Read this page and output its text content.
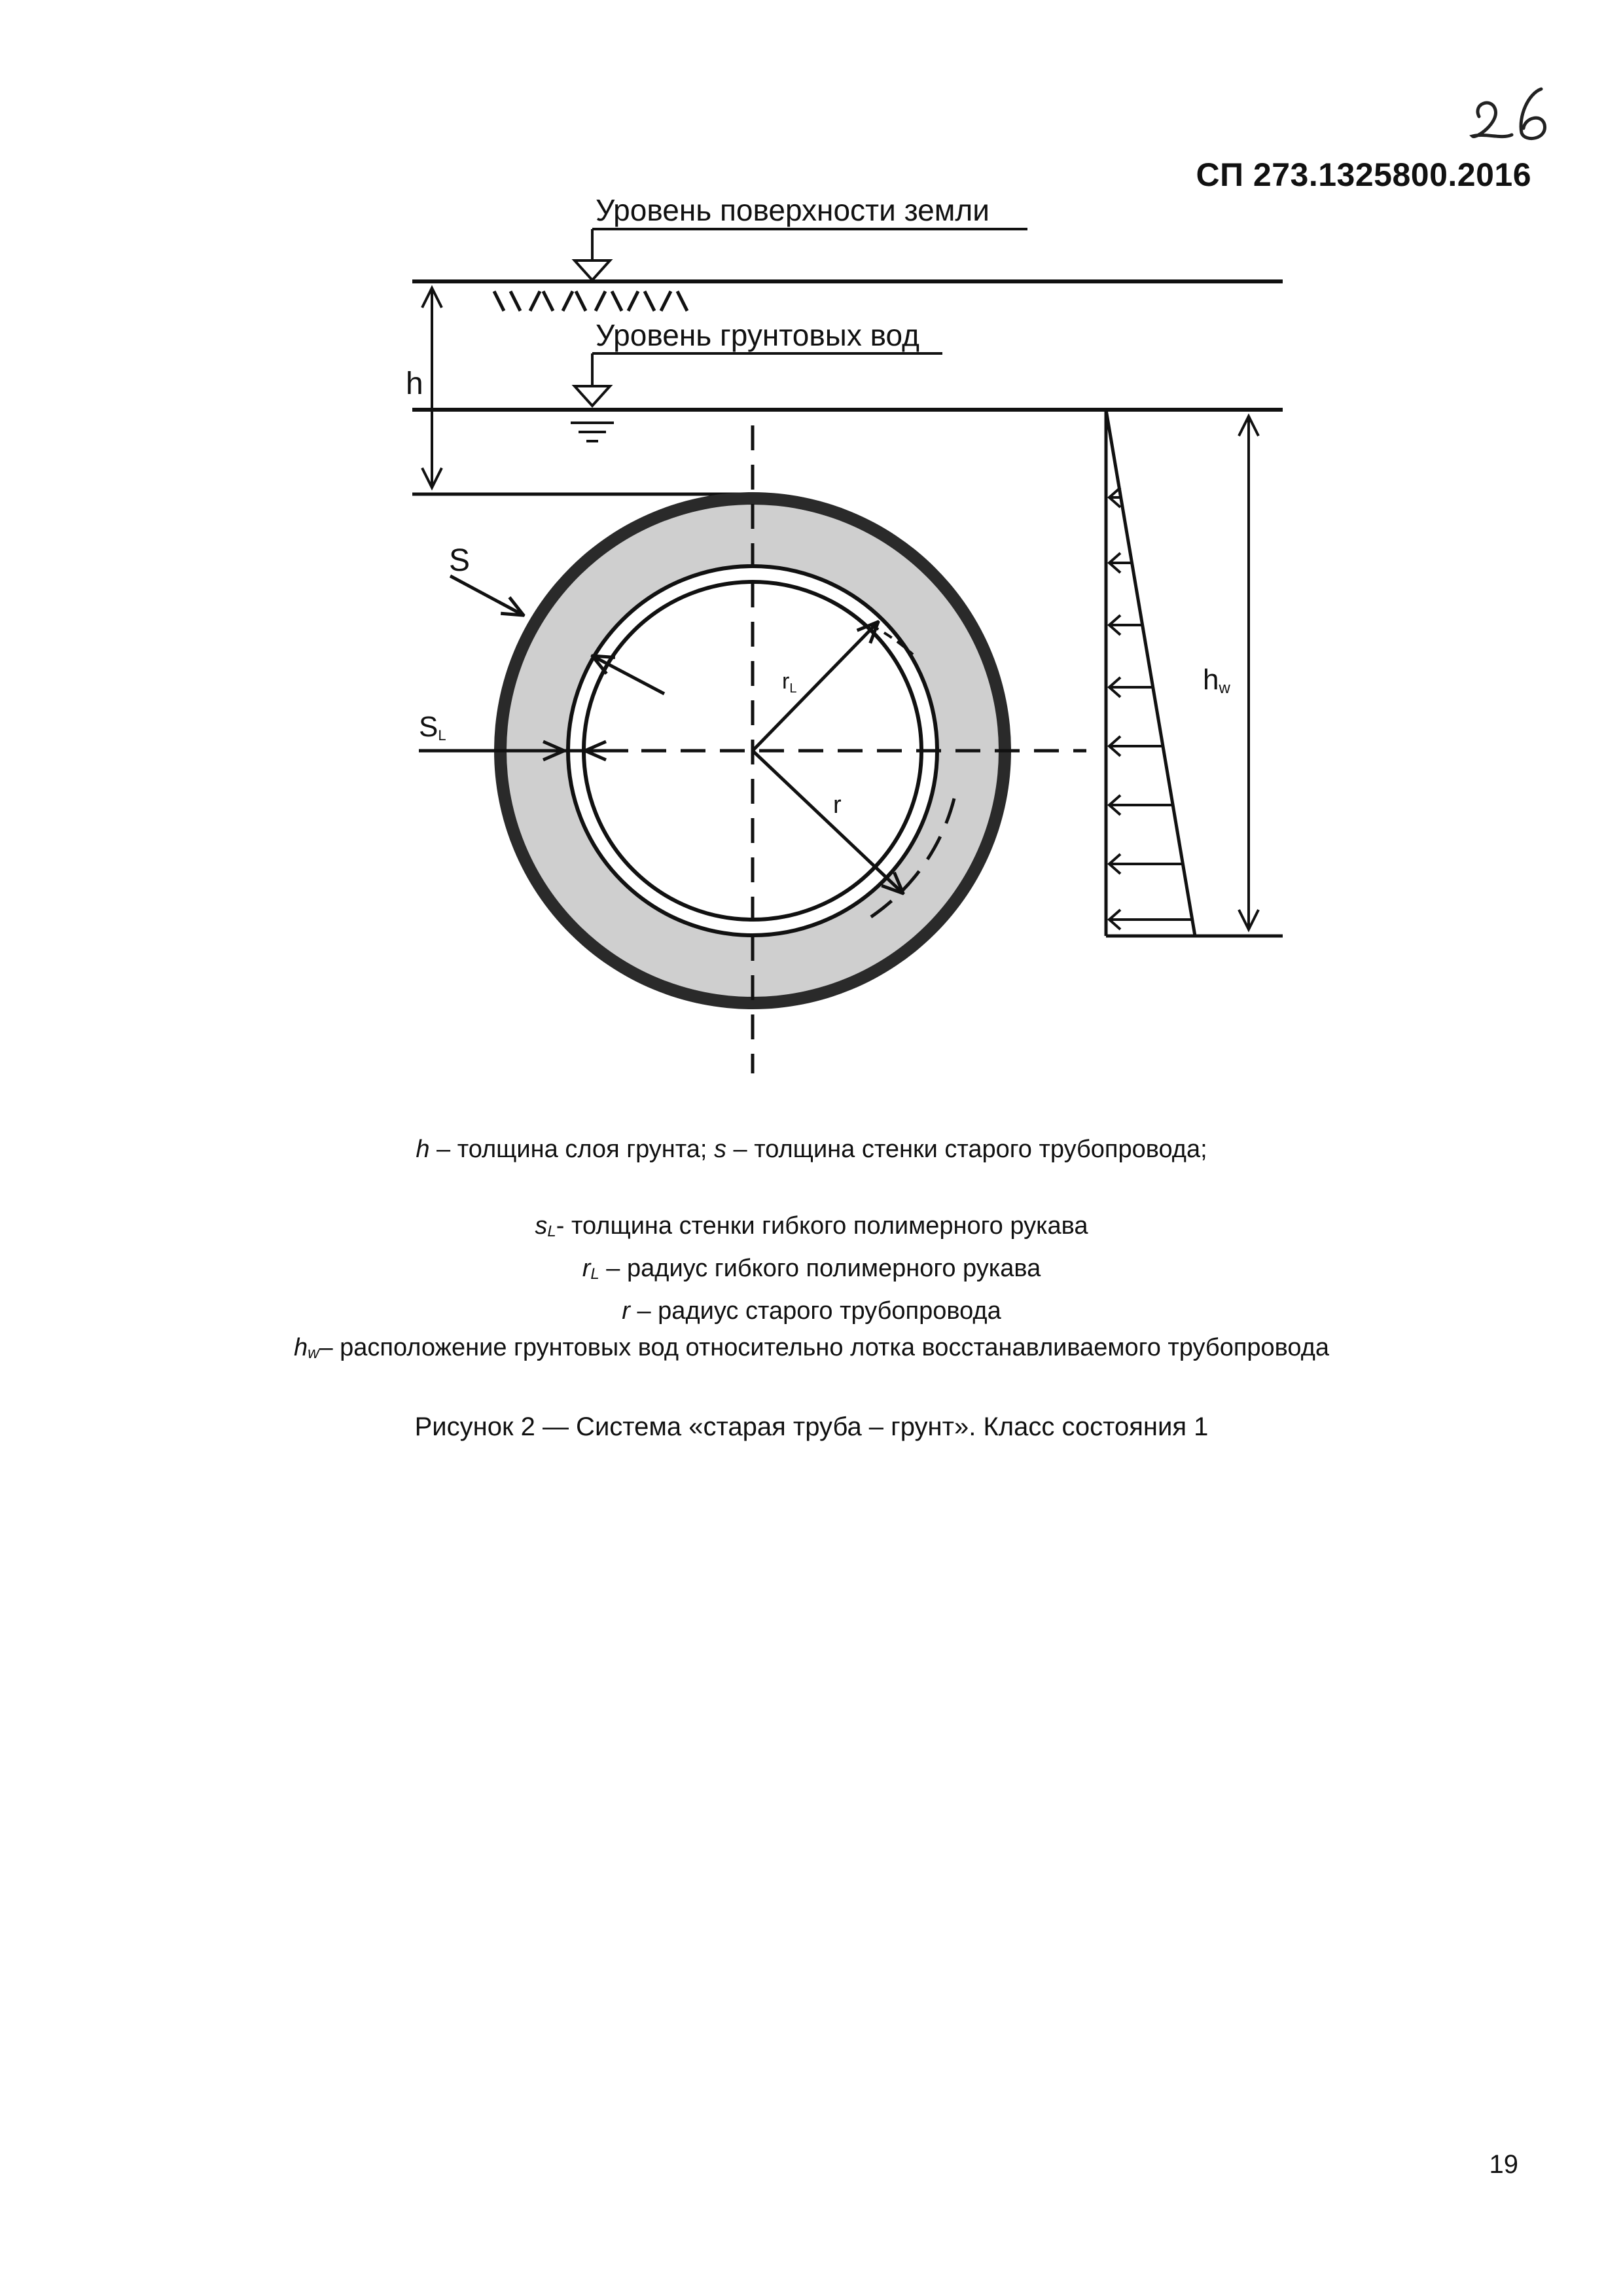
СП 273.1325800.2016
Уровень поверхности земли
Уровень грунтовых вод
h
rL
r
S
SL
hw
h – толщина слоя грунта; s – толщина стенки старого трубопровода;
$s_L-$ толщина стенки гибкого полимерного рукава
$r_L$ – радиус гибкого полимерного рукава
r – радиус старого трубопровода
$h_w-$ расположение грунтовых вод относительно лотка восстанавливаемого трубопровода
Рисунок 2 — Система «старая труба – грунт». Класс состояния 1
19
